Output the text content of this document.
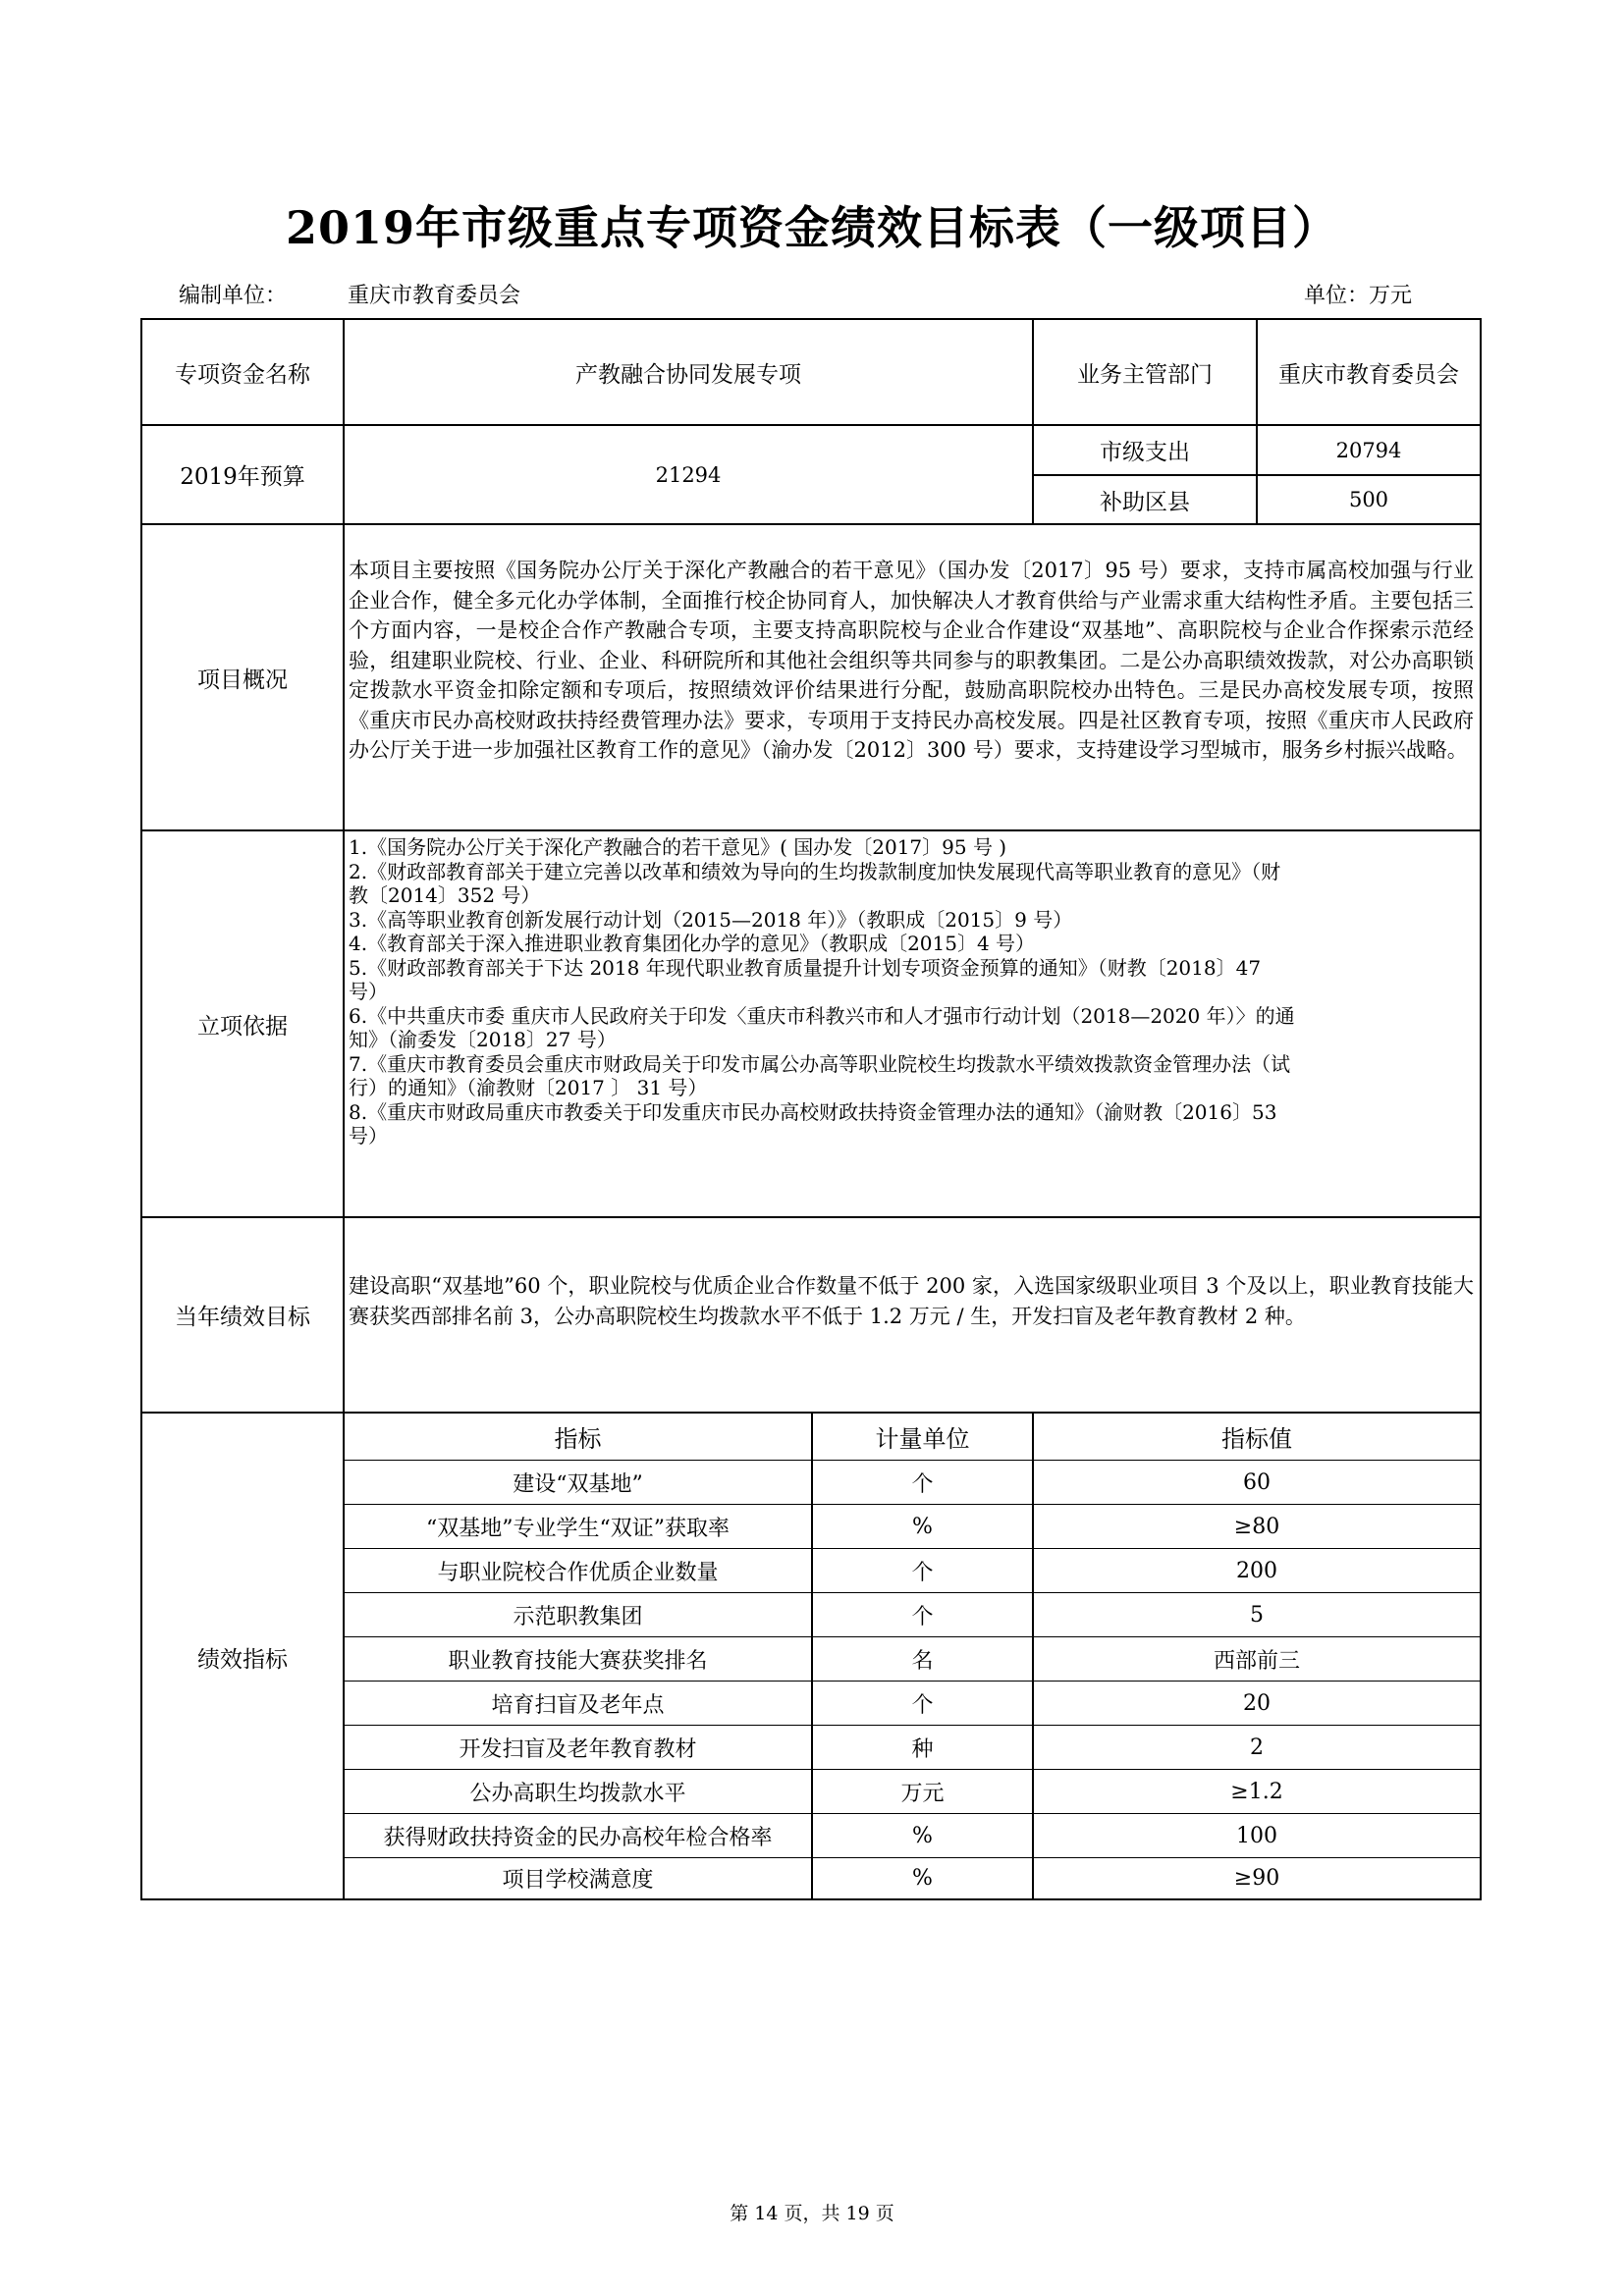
2019年市级重点专项资金绩效目标表（一级项目）
编制单位：	重庆市教育委员会	单位：万元
专项资金名称	产教融合协同发展专项	业务主管部门	重庆市教育委员会
2019年预算	21294
市级支出	20794
补助区县	500
项目概况
本项目主要按照《国务院办公厅关于深化产教融合的若干意见》（国办发〔2017〕95 号）要求，支持市属高校加强与行业企业合作，健全多元化办学体制，全面推行校企协同育人，加快解决人才教育供给与产业需求重大结构性矛盾。主要包括三个方面内容，一是校企合作产教融合专项，主要支持高职院校与企业合作建设“双基地”、高职院校与企业合作探索示范经验，组建职业院校、行业、企业、科研院所和其他社会组织等共同参与的职教集团。二是公办高职绩效拨款，对公办高职锁定拨款水平资金扣除定额和专项后，按照绩效评价结果进行分配，鼓励高职院校办出特色。三是民办高校发展专项，按照《重庆市民办高校财政扶持经费管理办法》要求，专项用于支持民办高校发展。四是社区教育专项，按照《重庆市人民政府办公厅关于进一步加强社区教育工作的意见》（渝办发〔2012〕300 号）要求，支持建设学习型城市，服务乡村振兴战略。
立项依据
1.《国务院办公厅关于深化产教融合的若干意见》( 国办发〔2017〕95 号 )
2.《财政部教育部关于建立完善以改革和绩效为导向的生均拨款制度加快发展现代高等职业教育的意见》（财
教〔2014〕352 号）
3.《高等职业教育创新发展行动计划（2015—2018 年）》（教职成〔2015〕9 号）
4.《教育部关于深入推进职业教育集团化办学的意见》（教职成〔2015〕4 号）
5.《财政部教育部关于下达 2018 年现代职业教育质量提升计划专项资金预算的通知》（财教〔2018〕47
号）
6.《中共重庆市委 重庆市人民政府关于印发〈重庆市科教兴市和人才强市行动计划（2018—2020 年）〉的通
知》（渝委发〔2018〕27 号）
7.《重庆市教育委员会重庆市财政局关于印发市属公办高等职业院校生均拨款水平绩效拨款资金管理办法（试
行）的通知》（渝教财〔2017 〕 31 号）
8.《重庆市财政局重庆市教委关于印发重庆市民办高校财政扶持资金管理办法的通知》（渝财教〔2016〕53
号）
当年绩效目标
建设高职“双基地”60 个，职业院校与优质企业合作数量不低于 200 家，入选国家级职业项目 3 个及以上，职业教育技能大赛获奖西部排名前 3，公办高职院校生均拨款水平不低于 1.2 万元 / 生，开发扫盲及老年教育教材 2 种。
绩效指标
指标	计量单位	指标值
建设“双基地”	个	60
“双基地”专业学生“双证”获取率	%	≥80
与职业院校合作优质企业数量	个	200
示范职教集团	个	5
职业教育技能大赛获奖排名	名	西部前三
培育扫盲及老年点	个	20
开发扫盲及老年教育教材	种	2
公办高职生均拨款水平	万元	≥1.2
获得财政扶持资金的民办高校年检合格率	%	100
项目学校满意度	%	≥90
第 14 页，共 19 页
